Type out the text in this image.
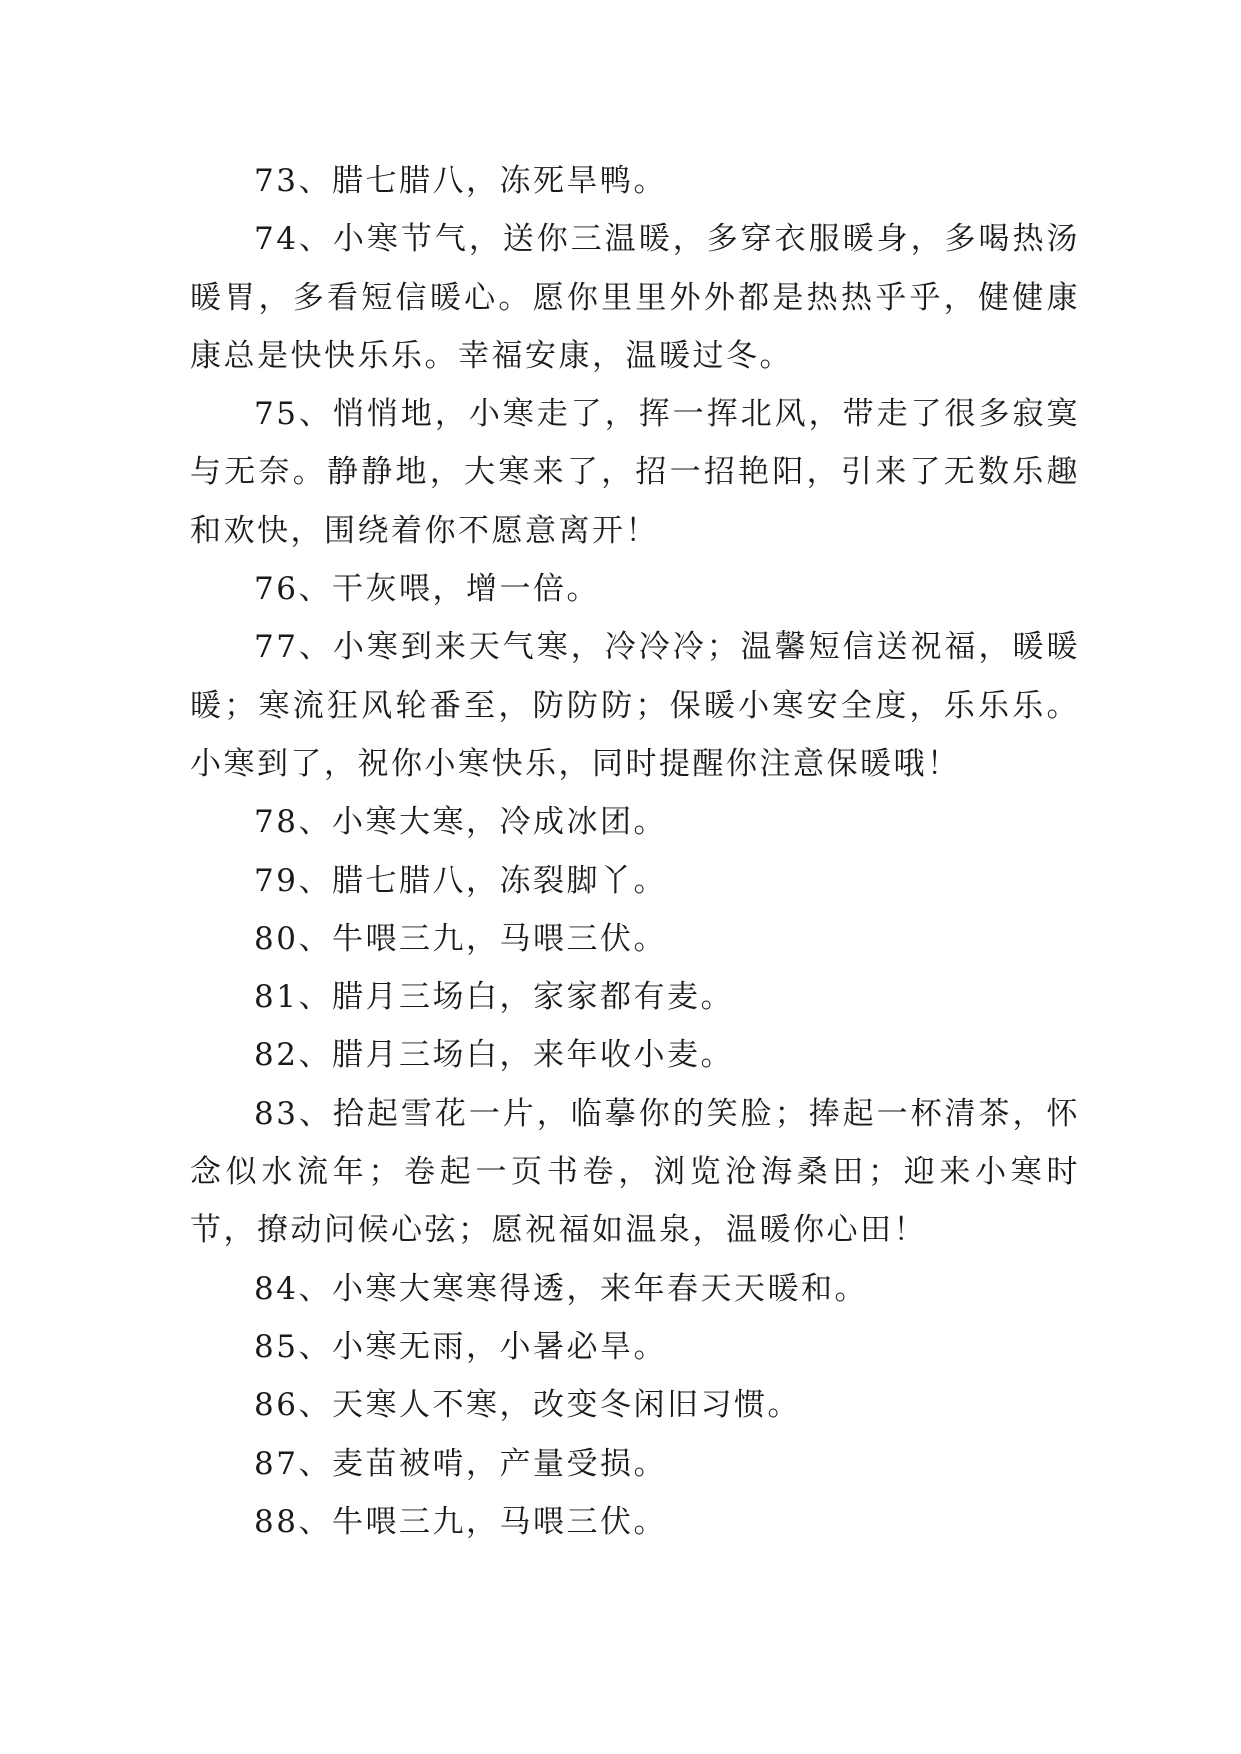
73、腊七腊八，冻死旱鸭。

74、小寒节气，送你三温暖，多穿衣服暖身，多喝热汤暖胃，多看短信暖心。愿你里里外外都是热热乎乎，健健康康总是快快乐乐。幸福安康，温暖过冬。

75、悄悄地，小寒走了，挥一挥北风，带走了很多寂寞与无奈。静静地，大寒来了，招一招艳阳，引来了无数乐趣和欢快，围绕着你不愿意离开！

76、干灰喂，增一倍。

77、小寒到来天气寒，冷冷冷；温馨短信送祝福，暖暖暖；寒流狂风轮番至，防防防；保暖小寒安全度，乐乐乐。小寒到了，祝你小寒快乐，同时提醒你注意保暖哦！

78、小寒大寒，冷成冰团。

79、腊七腊八，冻裂脚丫。

80、牛喂三九，马喂三伏。

81、腊月三场白，家家都有麦。

82、腊月三场白，来年收小麦。

83、拾起雪花一片，临摹你的笑脸；捧起一杯清茶，怀念似水流年；卷起一页书卷，浏览沧海桑田；迎来小寒时节，撩动问候心弦；愿祝福如温泉，温暖你心田！

84、小寒大寒寒得透，来年春天天暖和。

85、小寒无雨，小暑必旱。

86、天寒人不寒，改变冬闲旧习惯。

87、麦苗被啃，产量受损。

88、牛喂三九，马喂三伏。
